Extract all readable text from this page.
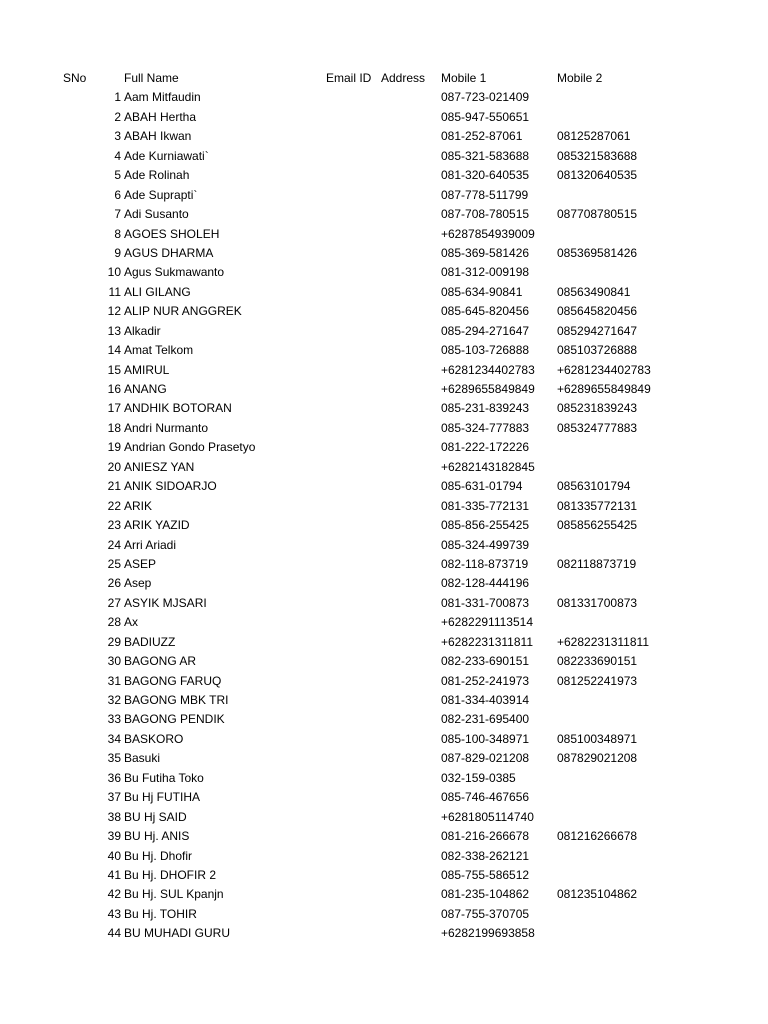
SNo	Full Name	Email ID Address Mobile 1	Mobile 2
1 Aam Mitfaudin	087-723-021409
2 ABAH Hertha	085-947-550651
3 ABAH Ikwan	081-252-87061	08125287061
4 Ade Kurniawati`	085-321-583688 085321583688
5 Ade Rolinah	081-320-640535 081320640535
6 Ade Suprapti`	087-778-511799
7 Adi Susanto	087-708-780515 087708780515
8 AGOES SHOLEH	+6287854939009
9 AGUS DHARMA	085-369-581426 085369581426
10 Agus Sukmawanto	081-312-009198
11 ALI GILANG	085-634-90841	08563490841
12 ALIP NUR ANGGREK	085-645-820456 085645820456
13 Alkadir	085-294-271647 085294271647
14 Amat Telkom	085-103-726888 085103726888
15 AMIRUL	+6281234402783 +6281234402783
16 ANANG	+6289655849849 +6289655849849
17 ANDHIK BOTORAN	085-231-839243 085231839243
18 Andri Nurmanto	085-324-777883 085324777883
19 Andrian Gondo Prasetyo	081-222-172226
20 ANIESZ YAN	+6282143182845
21 ANIK SIDOARJO	085-631-01794	08563101794
22 ARIK	081-335-772131 081335772131
23 ARIK YAZID	085-856-255425 085856255425
24 Arri Ariadi	085-324-499739
25 ASEP	082-118-873719 082118873719
26 Asep	082-128-444196
27 ASYIK MJSARI	081-331-700873 081331700873
28 Ax	+6282291113514
29 BADIUZZ	+6282231311811 +6282231311811
30 BAGONG AR	082-233-690151 082233690151
31 BAGONG FARUQ	081-252-241973 081252241973
32 BAGONG MBK TRI	081-334-403914
33 BAGONG PENDIK	082-231-695400
34 BASKORO	085-100-348971 085100348971
35 Basuki	087-829-021208 087829021208
36 Bu Futiha Toko	032-159-0385
37 Bu Hj FUTIHA	085-746-467656
38 BU Hj SAID	+6281805114740
39 BU Hj. ANIS	081-216-266678 081216266678
40 Bu Hj. Dhofir	082-338-262121
41 Bu Hj. DHOFIR 2	085-755-586512
42 Bu Hj. SUL Kpanjn	081-235-104862 081235104862
43 Bu Hj. TOHIR	087-755-370705
44 BU MUHADI GURU	+6282199693858
